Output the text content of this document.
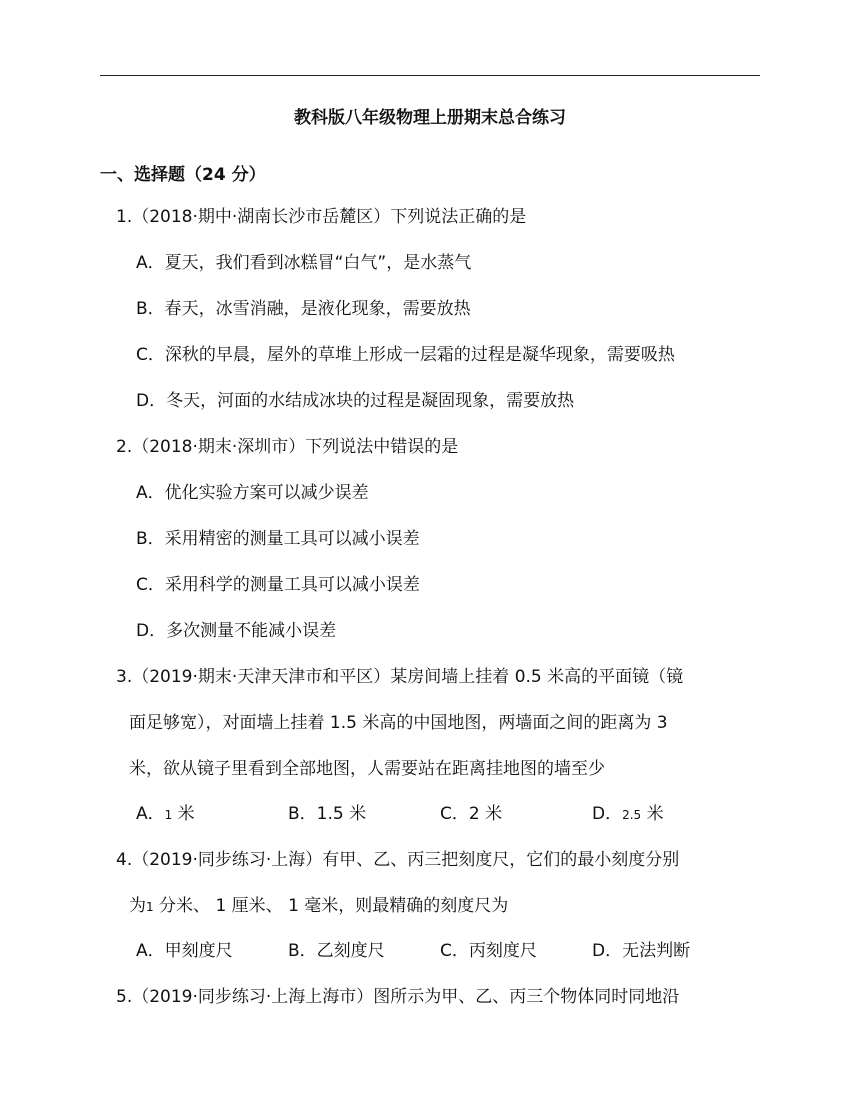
教科版八年级物理上册期末总合练习
一、选择题（24 分）
1.（2018·期中·湖南长沙市岳麓区）下列说法正确的是
A．夏天，我们看到冰糕冒“白气”，是水蒸气
B．春天，冰雪消融，是液化现象，需要放热
C．深秋的早晨，屋外的草堆上形成一层霜的过程是凝华现象，需要吸热
D．冬天，河面的水结成冰块的过程是凝固现象，需要放热
2.（2018·期末·深圳市）下列说法中错误的是
A．优化实验方案可以减少误差
B．采用精密的测量工具可以减小误差
C．采用科学的测量工具可以减小误差
D．多次测量不能减小误差
3.（2019·期末·天津天津市和平区）某房间墙上挂着 0.5 米高的平面镜（镜
面足够宽），对面墙上挂着 1.5 米高的中国地图，两墙面之间的距离为 3
米，欲从镜子里看到全部地图，人需要站在距离挂地图的墙至少
A．1 米	B．1.5 米	C．2 米	D．2.5 米
4.（2019·同步练习·上海）有甲、乙、丙三把刻度尺，它们的最小刻度分别
为1 分米、 1 厘米、 1 毫米，则最精确的刻度尺为
A．甲刻度尺	B．乙刻度尺	C．丙刻度尺	D．无法判断
5.（2019·同步练习·上海上海市）图所示为甲、乙、丙三个物体同时同地沿
